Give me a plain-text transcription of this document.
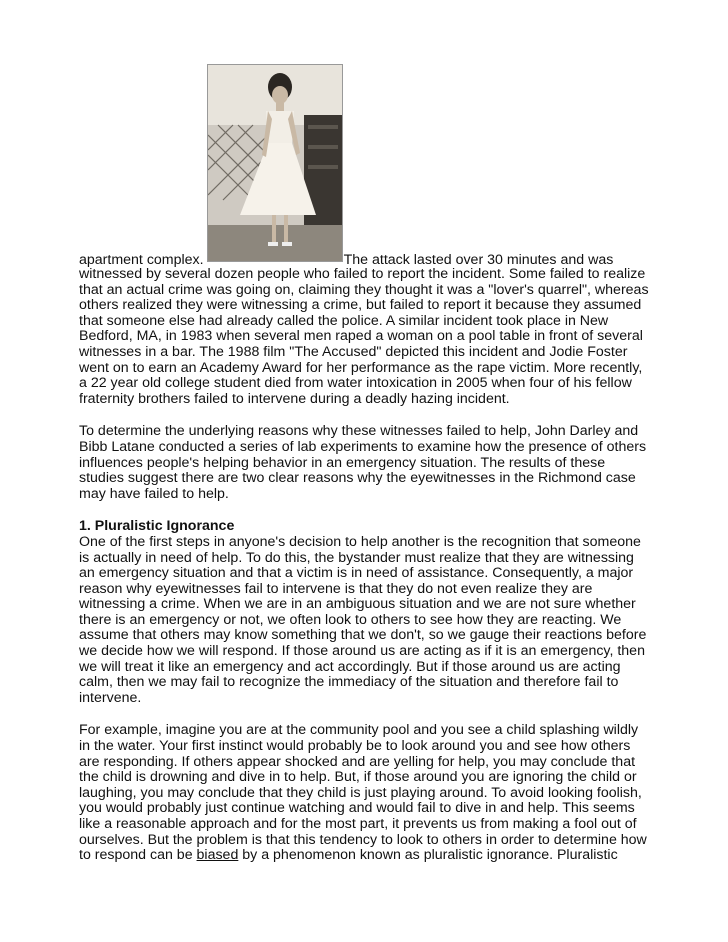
apartment complex.	The attack lasted over 30 minutes and was

witnessed by several dozen people who failed to report the incident. Some failed to realize that an actual crime was going on, claiming they thought it was a "lover's quarrel", whereas others realized they were witnessing a crime, but failed to report it because they assumed that someone else had already called the police. A similar incident took place in New Bedford, MA, in 1983 when several men raped a woman on a pool table in front of several witnesses in a bar. The 1988 film "The Accused" depicted this incident and Jodie Foster went on to earn an Academy Award for her performance as the rape victim. More recently, a 22 year old college student died from water intoxication in 2005 when four of his fellow fraternity brothers failed to intervene during a deadly hazing incident.

To determine the underlying reasons why these witnesses failed to help, John Darley and Bibb Latane conducted a series of lab experiments to examine how the presence of others influences people's helping behavior in an emergency situation. The results of these studies suggest there are two clear reasons why the eyewitnesses in the Richmond case may have failed to help.

1. Pluralistic Ignorance

One of the first steps in anyone's decision to help another is the recognition that someone is actually in need of help. To do this, the bystander must realize that they are witnessing an emergency situation and that a victim is in need of assistance. Consequently, a major reason why eyewitnesses fail to intervene is that they do not even realize they are witnessing a crime. When we are in an ambiguous situation and we are not sure whether there is an emergency or not, we often look to others to see how they are reacting. We assume that others may know something that we don't, so we gauge their reactions before we decide how we will respond. If those around us are acting as if it is an emergency, then we will treat it like an emergency and act accordingly. But if those around us are acting calm, then we may fail to recognize the immediacy of the situation and therefore fail to intervene.

For example, imagine you are at the community pool and you see a child splashing wildly in the water. Your first instinct would probably be to look around you and see how others are responding. If others appear shocked and are yelling for help, you may conclude that the child is drowning and dive in to help. But, if those around you are ignoring the child or laughing, you may conclude that they child is just playing around. To avoid looking foolish, you would probably just continue watching and would fail to dive in and help. This seems like a reasonable approach and for the most part, it prevents us from making a fool out of ourselves. But the problem is that this tendency to look to others in order to determine how to respond can be biased by a phenomenon known as pluralistic ignorance. Pluralistic
